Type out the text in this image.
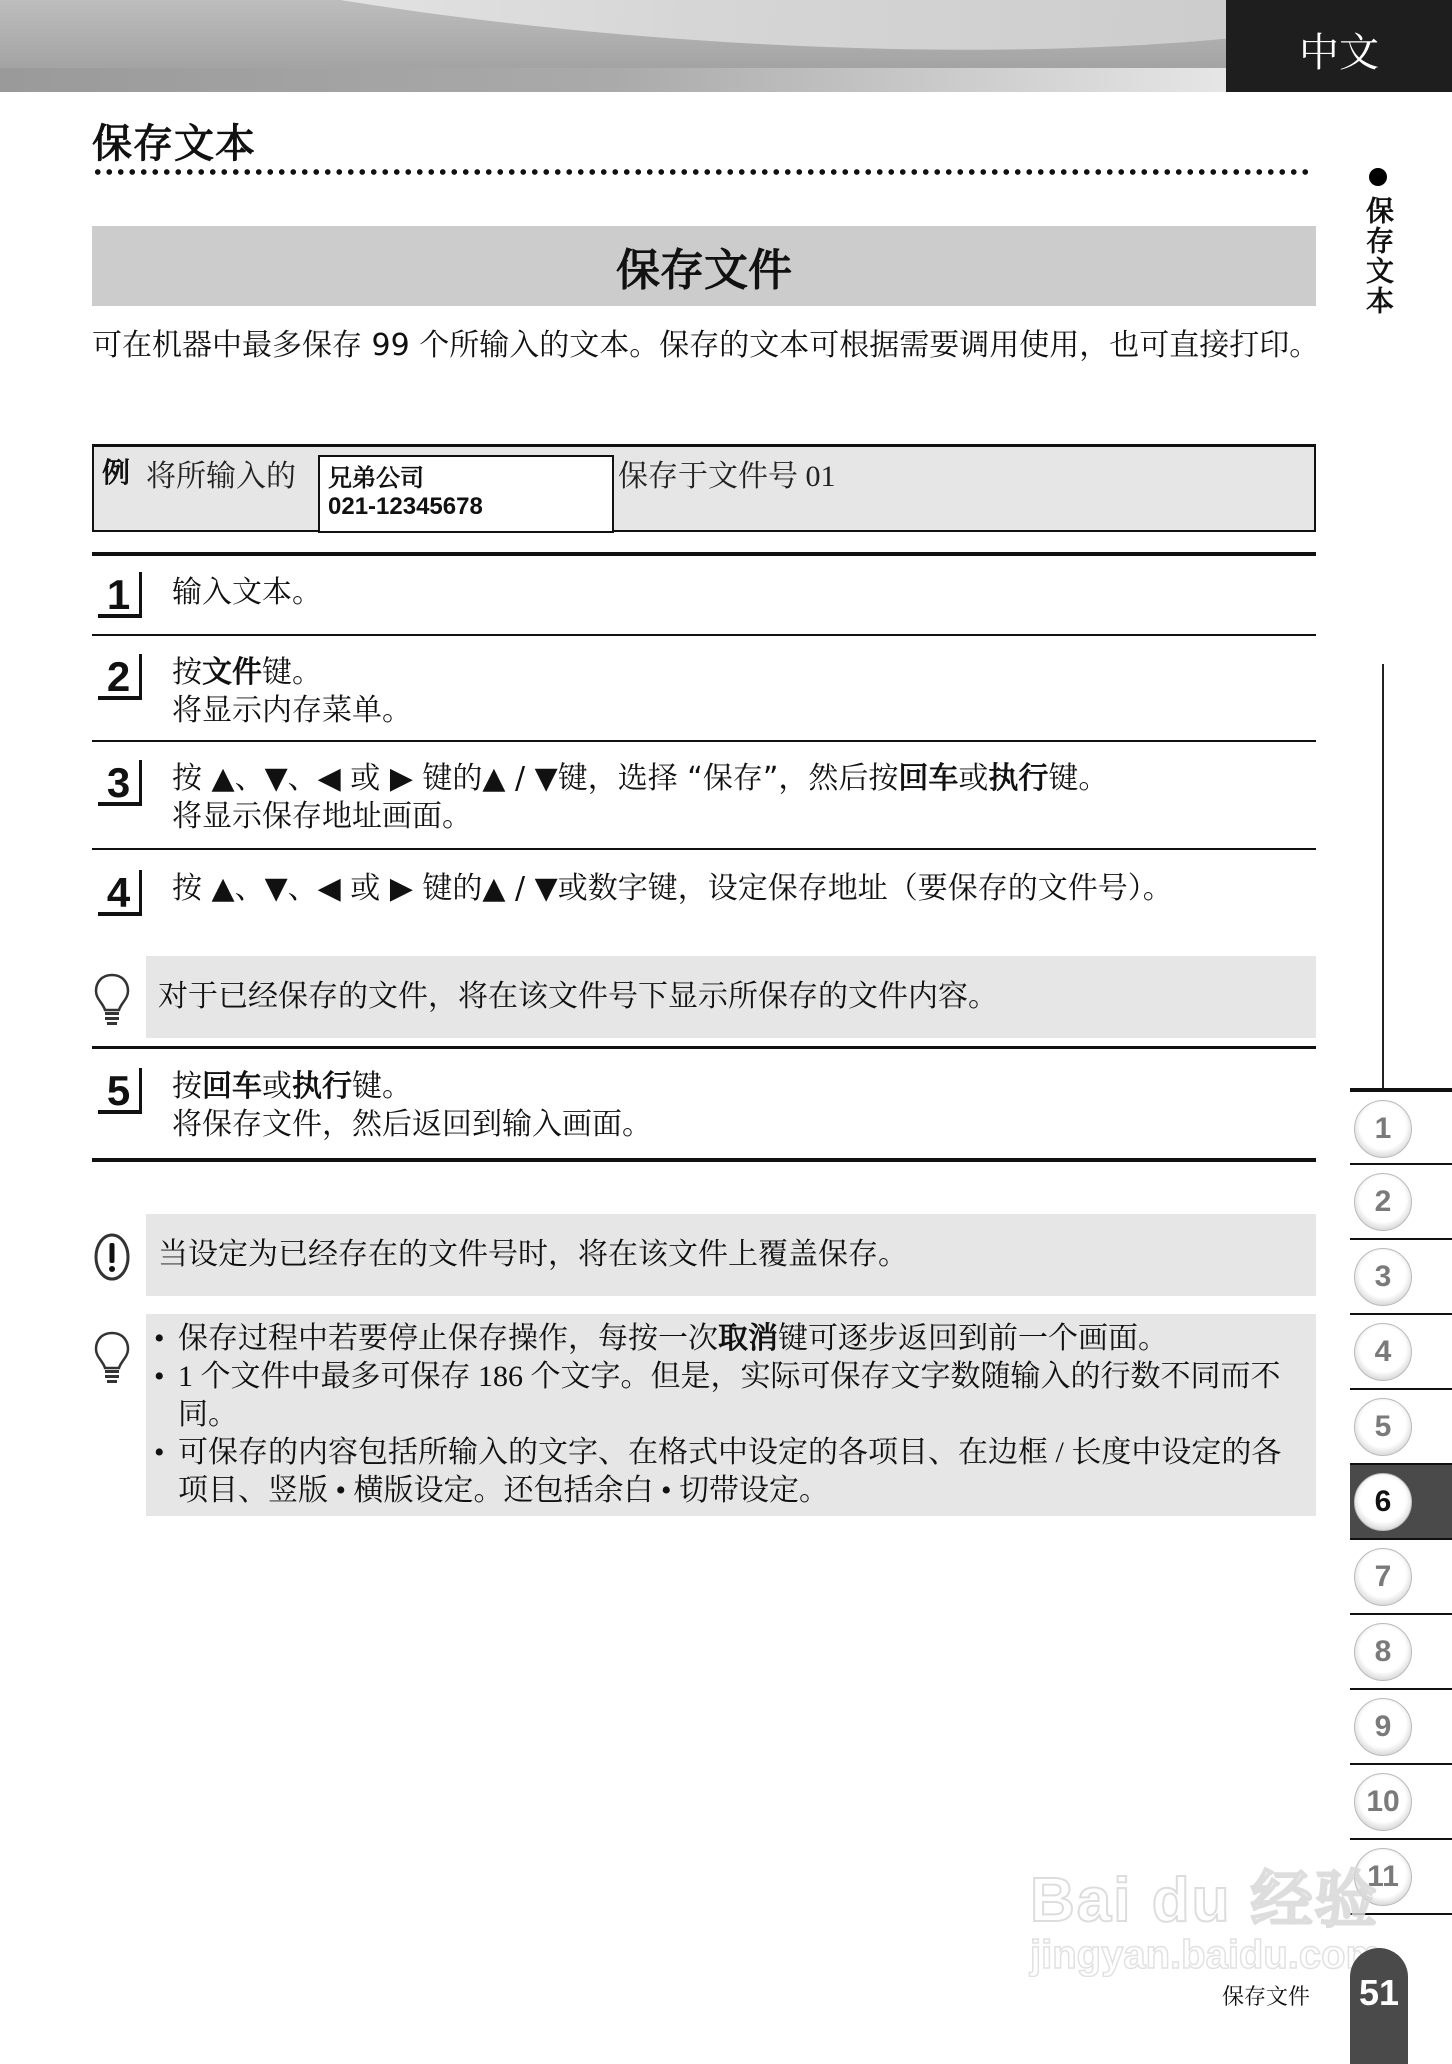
中文
保存文本
保存文本
保存文件
可在机器中最多保存 99 个所输入的文本。保存的文本可根据需要调用使用，也可直接打印。
例 将所输入的 兄弟公司
021-12345678
保存于文件号 01
1	输入文本。
2	按文件键。
将显示内存菜单。
3	按 ▲、▼、◀ 或 ▶ 键的▲ / ▼键，选择 “保存”，然后按回车或执行键。
将显示保存地址画面。
4	按 ▲、▼、◀ 或 ▶ 键的▲ / ▼或数字键，设定保存地址（要保存的文件号）。
对于已经保存的文件，将在该文件号下显示所保存的文件内容。
5	按回车或执行键。
将保存文件，然后返回到输入画面。
当设定为已经存在的文件号时，将在该文件上覆盖保存。
• 保存过程中若要停止保存操作，每按一次取消键可逐步返回到前一个画面。
• 1 个文件中最多可保存 186 个文字。但是，实际可保存文字数随输入的行数不同而不同。
• 可保存的内容包括所输入的文字、在格式中设定的各项目、在边框 / 长度中设定的各项目、竖版 • 横版设定。还包括余白 • 切带设定。
1
2
3
4
5
6
7
8
9
10
11
Bai du 经验
jingyan.baidu.com
保存文件 51
